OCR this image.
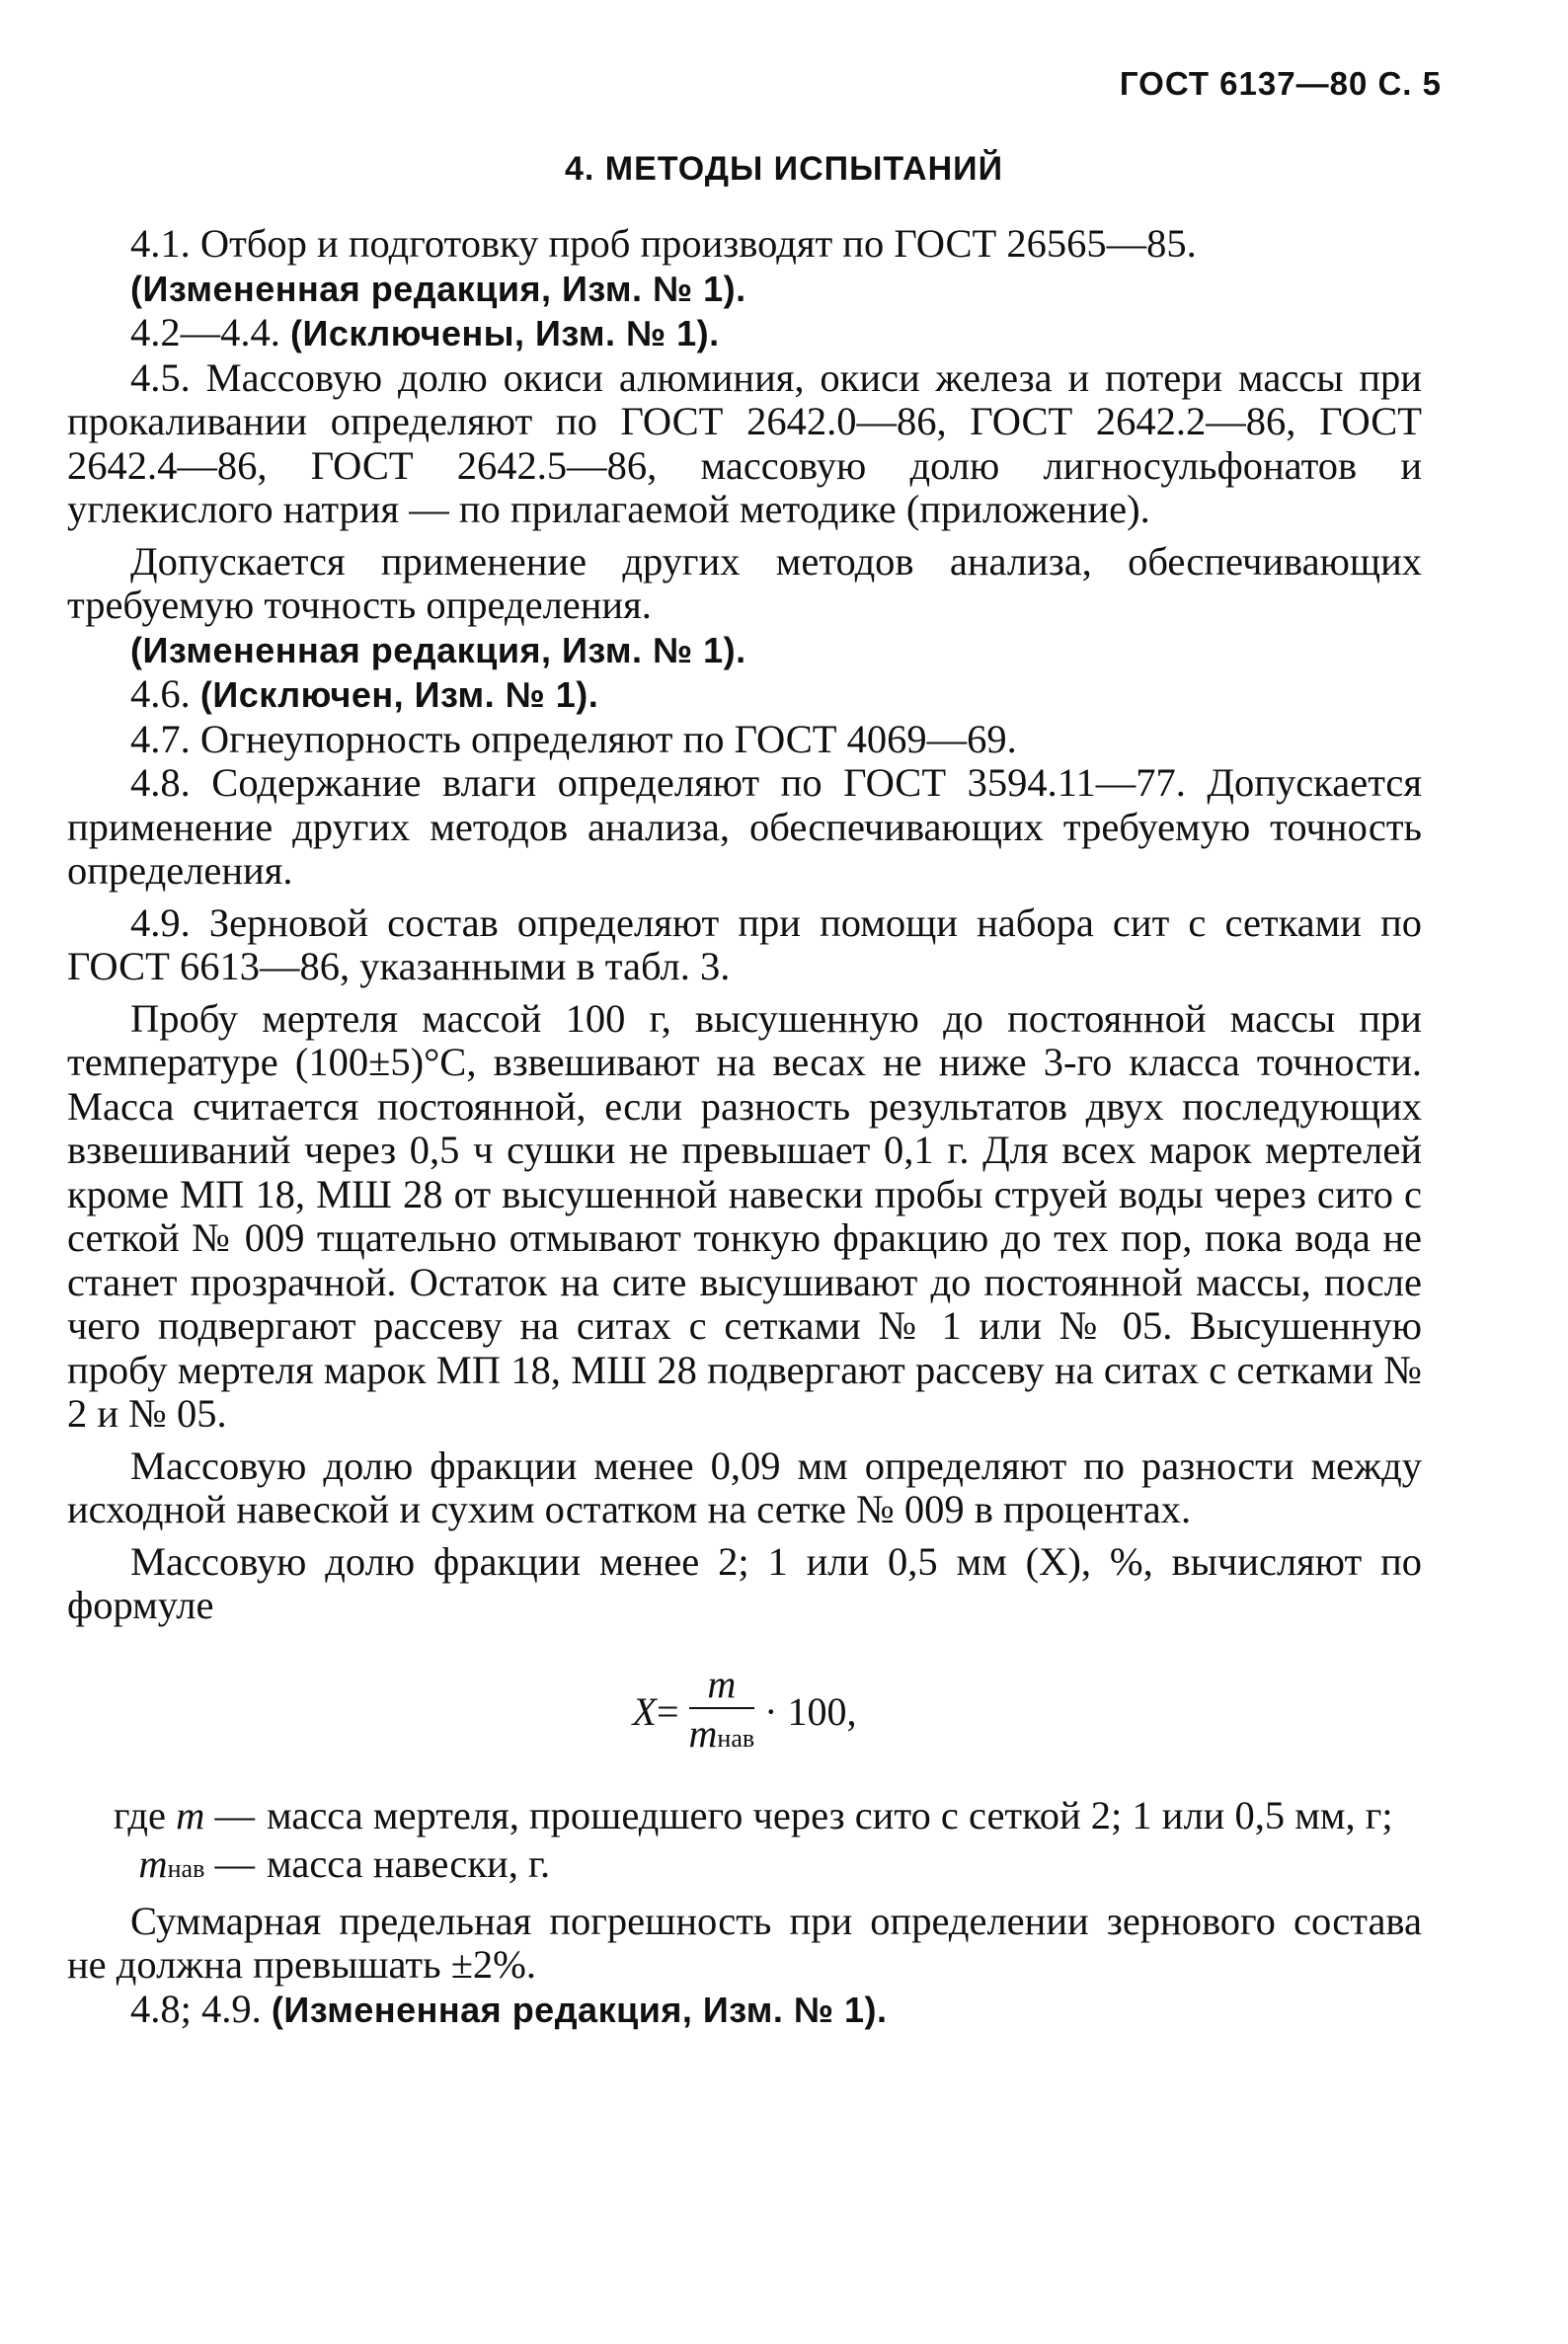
ГОСТ 6137—80 С. 5
4. МЕТОДЫ ИСПЫТАНИЙ

4.1. Отбор и подготовку проб производят по ГОСТ 26565—85.

(Измененная редакция, Изм. № 1).

4.2—4.4. (Исключены, Изм. № 1).

4.5. Массовую долю окиси алюминия, окиси железа и потери массы при прокаливании определяют по ГОСТ 2642.0—86, ГОСТ 2642.2—86, ГОСТ 2642.4—86, ГОСТ 2642.5—86, массовую долю лигносульфонатов и углекислого натрия — по прилагаемой методике (приложение).

Допускается применение других методов анализа, обеспечивающих требуемую точность определения.

(Измененная редакция, Изм. № 1).

4.6. (Исключен, Изм. № 1).

4.7. Огнеупорность определяют по ГОСТ 4069—69.

4.8. Содержание влаги определяют по ГОСТ 3594.11—77. Допускается применение других методов анализа, обеспечивающих требуемую точность определения.

4.9. Зерновой состав определяют при помощи набора сит с сетками по ГОСТ 6613—86, указанными в табл. 3.

Пробу мертеля массой 100 г, высушенную до постоянной массы при температуре (100±5)°С, взвешивают на весах не ниже 3-го класса точности. Масса считается постоянной, если разность результатов двух последующих взвешиваний через 0,5 ч сушки не превышает 0,1 г. Для всех марок мертелей кроме МП 18, МШ 28 от высушенной навески пробы струей воды через сито с сеткой № 009 тщательно отмывают тонкую фракцию до тех пор, пока вода не станет прозрачной. Остаток на сите высушивают до постоянной массы, после чего подвергают рассеву на ситах с сетками № 1 или № 05. Высушенную пробу мертеля марок МП 18, МШ 28 подвергают рассеву на ситах с сетками № 2 и № 05.

Массовую долю фракции менее 0,09 мм определяют по разности между исходной навеской и сухим остатком на сетке № 009 в процентах.

Массовую долю фракции менее 2; 1 или 0,5 мм (X), %, вычисляют по формуле

$X = \frac{m}{\text{mнав}} \cdot 100$,
где m — масса мертеля, прошедшего через сито с сеткой 2; 1 или 0,5 мм, г;
mнав — масса навески, г.

Суммарная предельная погрешность при определении зернового состава не должна превышать ±2%.

4.8; 4.9. (Измененная редакция, Изм. № 1).
